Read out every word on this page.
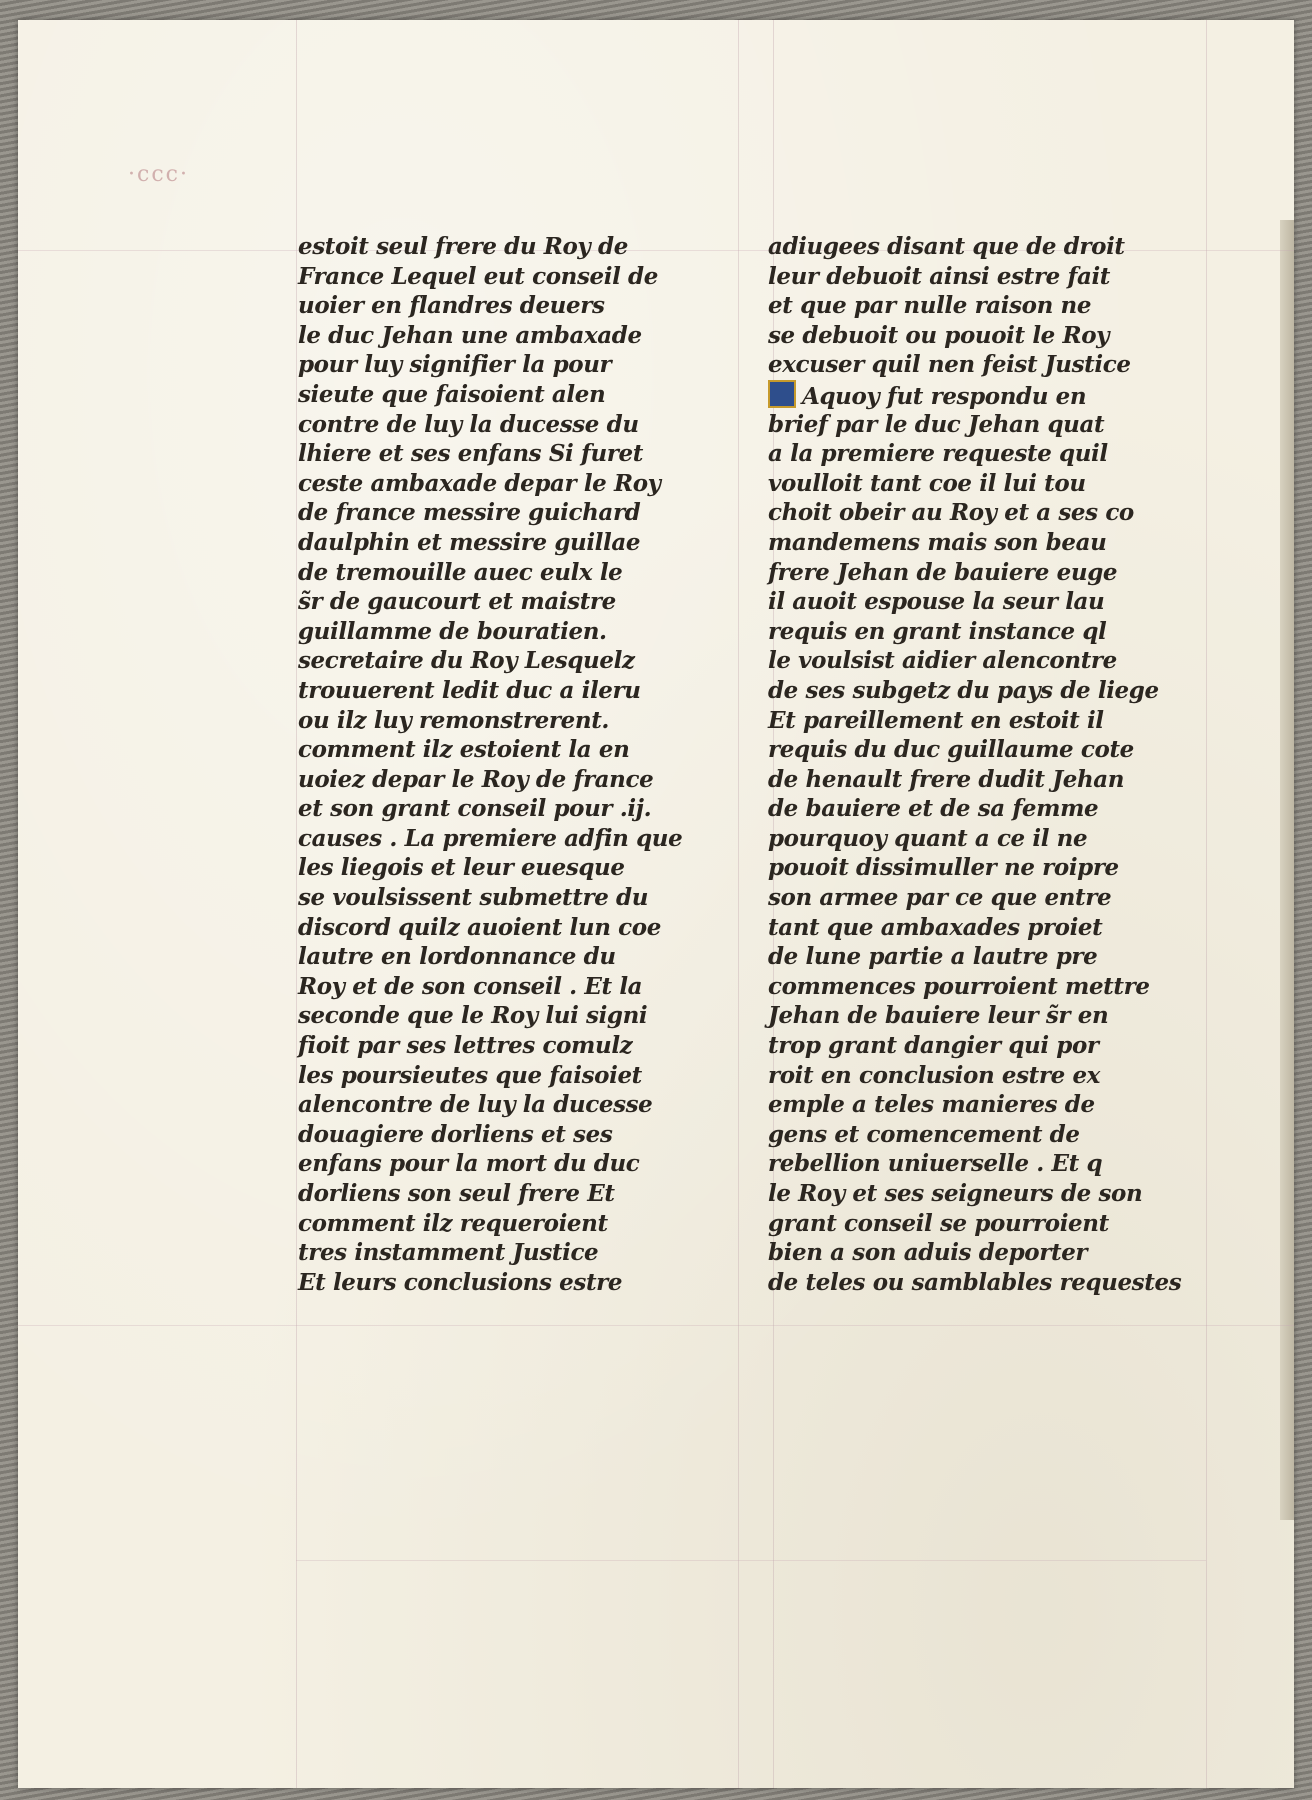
·ccc·
estoit seul frere du Roy de
France Lequel eut conseil de
uoier en flandres deuers
le duc Jehan une ambaxade
pour luy signifier la pour
sieute que faisoient alen
contre de luy la ducesse du
lhiere et ses enfans Si furet
ceste ambaxade depar le Roy
de france messire guichard
daulphin et messire guillae
de tremouille auec eulx le
s̃r de gaucourt et maistre
guillamme de bouratien.
secretaire du Roy Lesquelz
trouuerent ledit duc a ileru
ou ilz luy remonstrerent.
comment ilz estoient la en
uoiez depar le Roy de france
et son grant conseil pour .ij.
causes . La premiere adfin que
les liegois et leur euesque
se voulsissent submettre du
discord quilz auoient lun coe
lautre en lordonnance du
Roy et de son conseil . Et la
seconde que le Roy lui signi
fioit par ses lettres comulz
les poursieutes que faisoiet
alencontre de luy la ducesse
douagiere dorliens et ses
enfans pour la mort du duc
dorliens son seul frere Et
comment ilz requeroient
tres instamment Justice
Et leurs conclusions estre
adiugees disant que de droit
leur debuoit ainsi estre fait
et que par nulle raison ne
se debuoit ou pouoit le Roy
excuser quil nen feist Justice
Aquoy fut respondu en
brief par le duc Jehan quat
a la premiere requeste quil
voulloit tant coe il lui tou
choit obeir au Roy et a ses co
mandemens mais son beau
frere Jehan de bauiere euge
il auoit espouse la seur lau
requis en grant instance ql
le voulsist aidier alencontre
de ses subgetz du pays de liege
Et pareillement en estoit il
requis du duc guillaume cote
de henault frere dudit Jehan
de bauiere et de sa femme
pourquoy quant a ce il ne
pouoit dissimuller ne roipre
son armee par ce que entre
tant que ambaxades proiet
de lune partie a lautre pre
commences pourroient mettre
Jehan de bauiere leur s̃r en
trop grant dangier qui por
roit en conclusion estre ex
emple a teles manieres de
gens et comencement de
rebellion uniuerselle . Et q
le Roy et ses seigneurs de son
grant conseil se pourroient
bien a son aduis deporter
de teles ou samblables requestes
